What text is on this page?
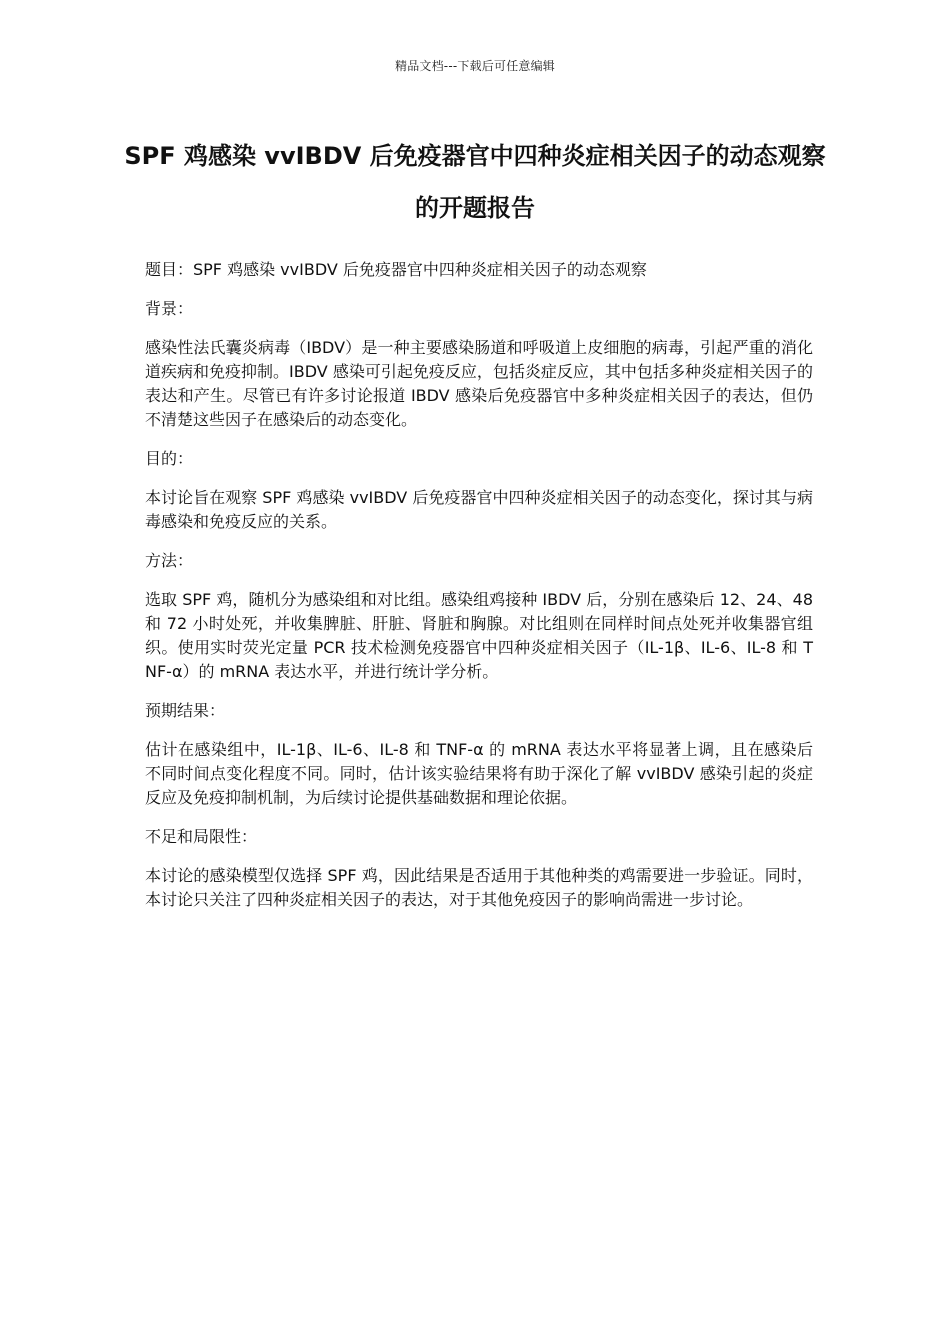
精品文档---下载后可任意编辑
SPF 鸡感染 vvIBDV 后免疫器官中四种炎症相关因子的动态观察的开题报告

题目：SPF 鸡感染 vvIBDV 后免疫器官中四种炎症相关因子的动态观察

背景：

感染性法氏囊炎病毒（IBDV）是一种主要感染肠道和呼吸道上皮细胞的病毒，引起严重的消化道疾病和免疫抑制。IBDV 感染可引起免疫反应，包括炎症反应，其中包括多种炎症相关因子的表达和产生。尽管已有许多讨论报道 IBDV 感染后免疫器官中多种炎症相关因子的表达，但仍不清楚这些因子在感染后的动态变化。

目的：

本讨论旨在观察 SPF 鸡感染 vvIBDV 后免疫器官中四种炎症相关因子的动态变化，探讨其与病毒感染和免疫反应的关系。

方法：

选取 SPF 鸡，随机分为感染组和对比组。感染组鸡接种 IBDV 后，分别在感染后 12、24、48 和 72 小时处死，并收集脾脏、肝脏、肾脏和胸腺。对比组则在同样时间点处死并收集器官组织。使用实时荧光定量 PCR 技术检测免疫器官中四种炎症相关因子（IL-1β、IL-6、IL-8 和 TNF-α）的 mRNA 表达水平，并进行统计学分析。

预期结果：

估计在感染组中，IL-1β、IL-6、IL-8 和 TNF-α 的 mRNA 表达水平将显著上调，且在感染后不同时间点变化程度不同。同时，估计该实验结果将有助于深化了解 vvIBDV 感染引起的炎症反应及免疫抑制机制，为后续讨论提供基础数据和理论依据。

不足和局限性：

本讨论的感染模型仅选择 SPF 鸡，因此结果是否适用于其他种类的鸡需要进一步验证。同时，本讨论只关注了四种炎症相关因子的表达，对于其他免疫因子的影响尚需进一步讨论。
